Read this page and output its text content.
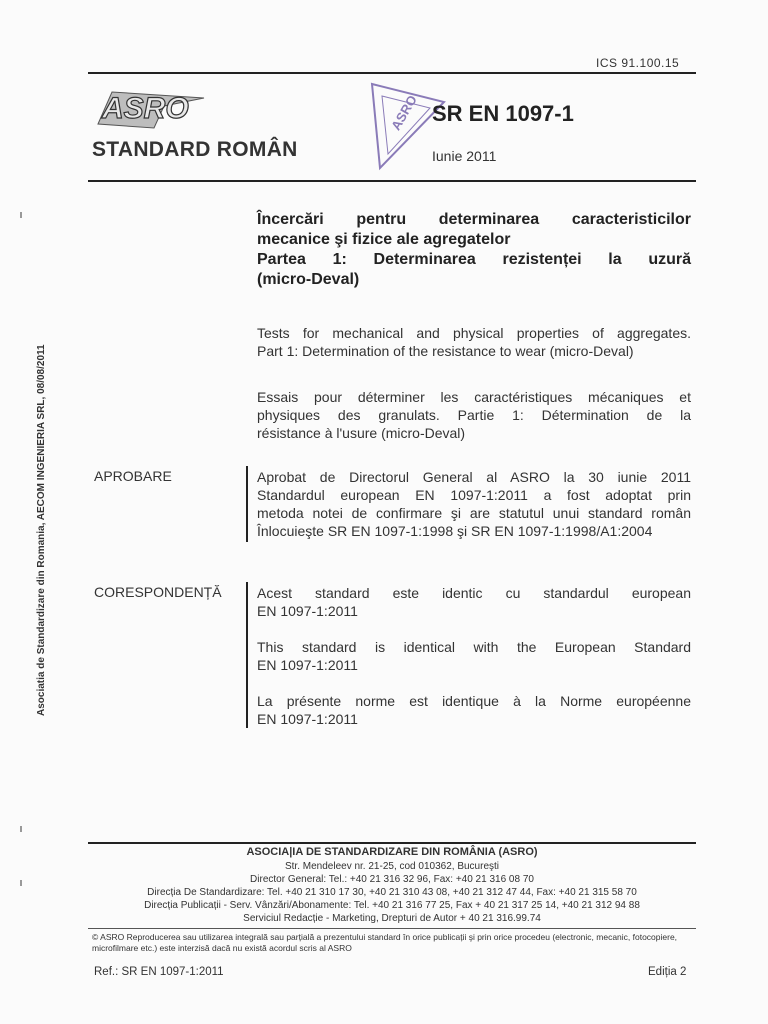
ICS 91.100.15
ASRO
STANDARD ROMÂN
ASRO SR EN 1097-1
Iunie 2011
Asociatia de Standardizare din Romania, AECOM INGENIERIA SRL, 08/08/2011
Încercări pentru determinarea caracteristicilor
mecanice şi fizice ale agregatelor
Partea 1: Determinarea rezistenței la uzură
(micro-Deval)
Tests for mechanical and physical properties of aggregates.
Part 1: Determination of the resistance to wear (micro-Deval)
Essais pour déterminer les caractéristiques mécaniques et
physiques des granulats. Partie 1: Détermination de la
résistance à l'usure (micro-Deval)
APROBARE	Aprobat de Directorul General al ASRO la 30 iunie 2011
Standardul european EN 1097-1:2011 a fost adoptat prin
metoda notei de confirmare şi are statutul unui standard român
Înlocuieşte SR EN 1097-1:1998 şi SR EN 1097-1:1998/A1:2004
CORESPONDENȚĂ	Acest standard este identic cu standardul european
EN 1097-1:2011
This standard is identical with the European Standard
EN 1097-1:2011
La présente norme est identique à la Norme européenne
EN 1097-1:2011
ASOCIA|IA DE STANDARDIZARE DIN ROMÂNIA (ASRO)
Str. Mendeleev nr. 21-25, cod 010362, Bucureşti
Director General: Tel.: +40 21 316 32 96, Fax: +40 21 316 08 70
Direcția De Standardizare: Tel. +40 21 310 17 30, +40 21 310 43 08, +40 21 312 47 44, Fax: +40 21 315 58 70
Direcția Publicații - Serv. Vânzări/Abonamente: Tel. +40 21 316 77 25, Fax + 40 21 317 25 14, +40 21 312 94 88
Serviciul Redacție - Marketing, Drepturi de Autor + 40 21 316.99.74
© ASRO Reproducerea sau utilizarea integrală sau parțială a prezentului standard în orice publicații şi prin orice procedeu (electronic, mecanic, fotocopiere, microfilmare etc.) este interzisă dacă nu există acordul scris al ASRO
Ref.: SR EN 1097-1:2011	Ediția 2
